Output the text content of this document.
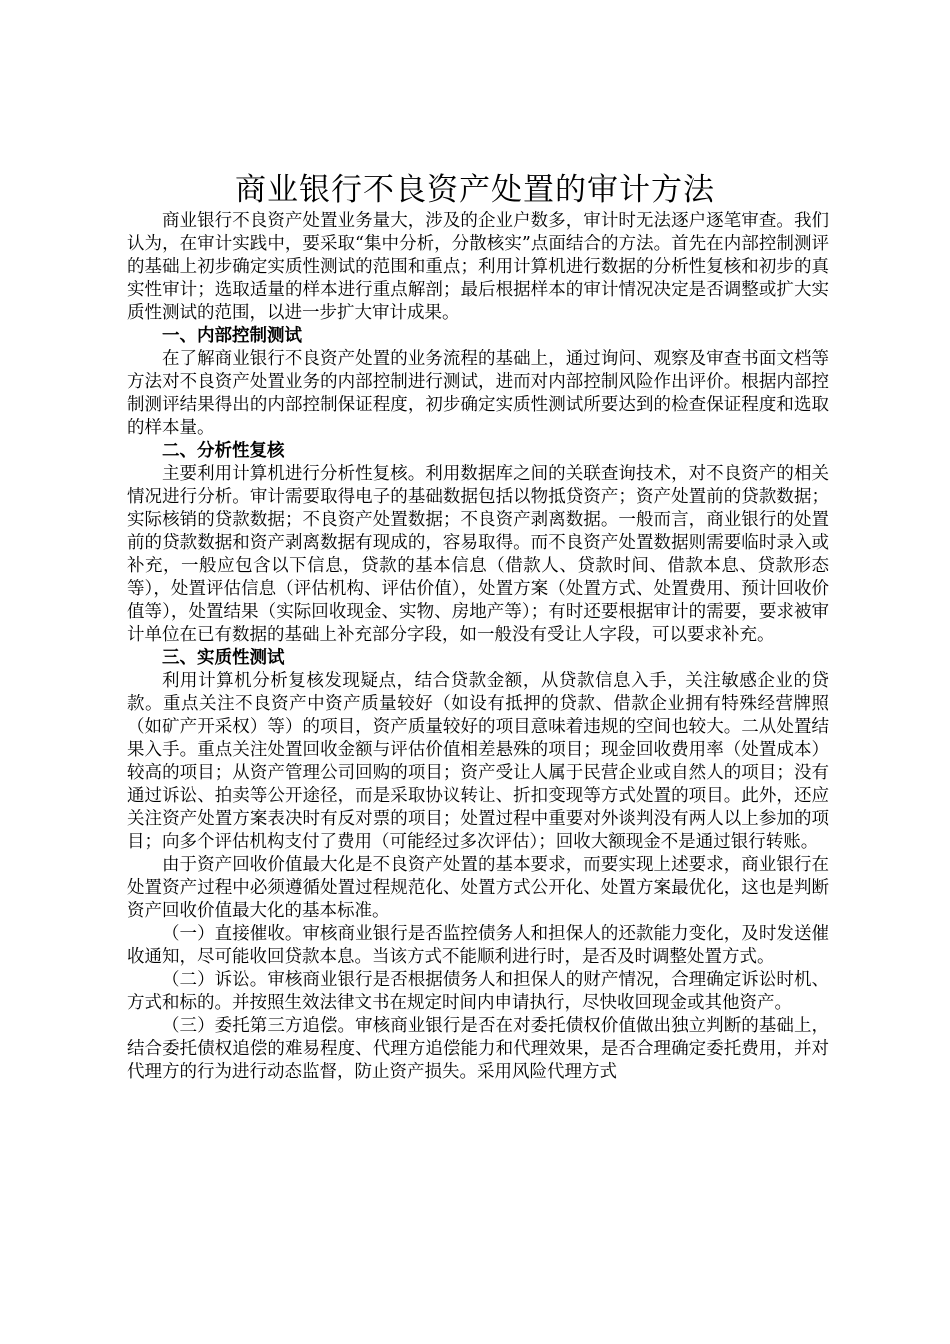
商业银行不良资产处置的审计方法

商业银行不良资产处置业务量大，涉及的企业户数多，审计时无法逐户逐笔审查。我们认为，在审计实践中，要采取“集中分析，分散核实”点面结合的方法。首先在内部控制测评的基础上初步确定实质性测试的范围和重点；利用计算机进行数据的分析性复核和初步的真实性审计；选取适量的样本进行重点解剖；最后根据样本的审计情况决定是否调整或扩大实质性测试的范围，以进一步扩大审计成果。

一、内部控制测试

在了解商业银行不良资产处置的业务流程的基础上，通过询问、观察及审查书面文档等方法对不良资产处置业务的内部控制进行测试，进而对内部控制风险作出评价。根据内部控制测评结果得出的内部控制保证程度，初步确定实质性测试所要达到的检查保证程度和选取的样本量。

二、分析性复核

主要利用计算机进行分析性复核。利用数据库之间的关联查询技术，对不良资产的相关情况进行分析。审计需要取得电子的基础数据包括以物抵贷资产；资产处置前的贷款数据；实际核销的贷款数据；不良资产处置数据；不良资产剥离数据。一般而言，商业银行的处置前的贷款数据和资产剥离数据有现成的，容易取得。而不良资产处置数据则需要临时录入或补充，一般应包含以下信息，贷款的基本信息（借款人、贷款时间、借款本息、贷款形态等），处置评估信息（评估机构、评估价值），处置方案（处置方式、处置费用、预计回收价值等），处置结果（实际回收现金、实物、房地产等）；有时还要根据审计的需要，要求被审计单位在已有数据的基础上补充部分字段，如一般没有受让人字段，可以要求补充。

三、实质性测试

利用计算机分析复核发现疑点，结合贷款金额，从贷款信息入手，关注敏感企业的贷款。重点关注不良资产中资产质量较好（如设有抵押的贷款、借款企业拥有特殊经营牌照（如矿产开采权）等）的项目，资产质量较好的项目意味着违规的空间也较大。二从处置结果入手。重点关注处置回收金额与评估价值相差悬殊的项目；现金回收费用率（处置成本）较高的项目；从资产管理公司回购的项目；资产受让人属于民营企业或自然人的项目；没有通过诉讼、拍卖等公开途径，而是采取协议转让、折扣变现等方式处置的项目。此外，还应关注资产处置方案表决时有反对票的项目；处置过程中重要对外谈判没有两人以上参加的项目；向多个评估机构支付了费用（可能经过多次评估）；回收大额现金不是通过银行转账。

由于资产回收价值最大化是不良资产处置的基本要求，而要实现上述要求，商业银行在处置资产过程中必须遵循处置过程规范化、处置方式公开化、处置方案最优化，这也是判断资产回收价值最大化的基本标准。

（一）直接催收。审核商业银行是否监控债务人和担保人的还款能力变化，及时发送催收通知，尽可能收回贷款本息。当该方式不能顺利进行时，是否及时调整处置方式。

（二）诉讼。审核商业银行是否根据债务人和担保人的财产情况，合理确定诉讼时机、方式和标的。并按照生效法律文书在规定时间内申请执行，尽快收回现金或其他资产。

（三）委托第三方追偿。审核商业银行是否在对委托债权价值做出独立判断的基础上，结合委托债权追偿的难易程度、代理方追偿能力和代理效果，是否合理确定委托费用，并对代理方的行为进行动态监督，防止资产损失。采用风险代理方式
